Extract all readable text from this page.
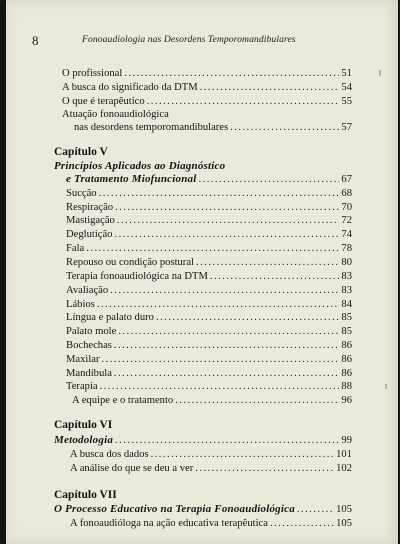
8	Fonoaudiologia nas Desordens Temporomandibulares
O profissional . . .	51
A busca do significado da DTM . . .	54
O que é terapêutico . . .	55
Atuação fonoaudiológica
nas desordens temporomandibulares . . .	57
Capítulo V
Princípios Aplicados ao Diagnóstico
e Tratamento Miofuncional . . .	67
Sucção . . .	68
Respiração . . .	70
Mastigação . . .	72
Deglutição . . .	74
Fala . . .	78
Repouso ou condição postural . . .	80
Terapia fonoaudiológica na DTM . . .	83
Avaliação . . .	83
Lábios . . .	84
Língua e palato duro . . .	85
Palato mole . . .	85
Bochechas . . .	86
Maxilar . . .	86
Mandíbula . . .	86
Terapia . . .	88
A equipe e o tratamento . . .	96
Capítulo VI
Metodologia . . .	99
A busca dos dados . . .	101
A análise do que se deu a ver . . .	102
Capítulo VII
O Processo Educativo na Terapia Fonoaudiológica . . .	105
A fonoaudióloga na ação educativa terapêutica . . .	105
